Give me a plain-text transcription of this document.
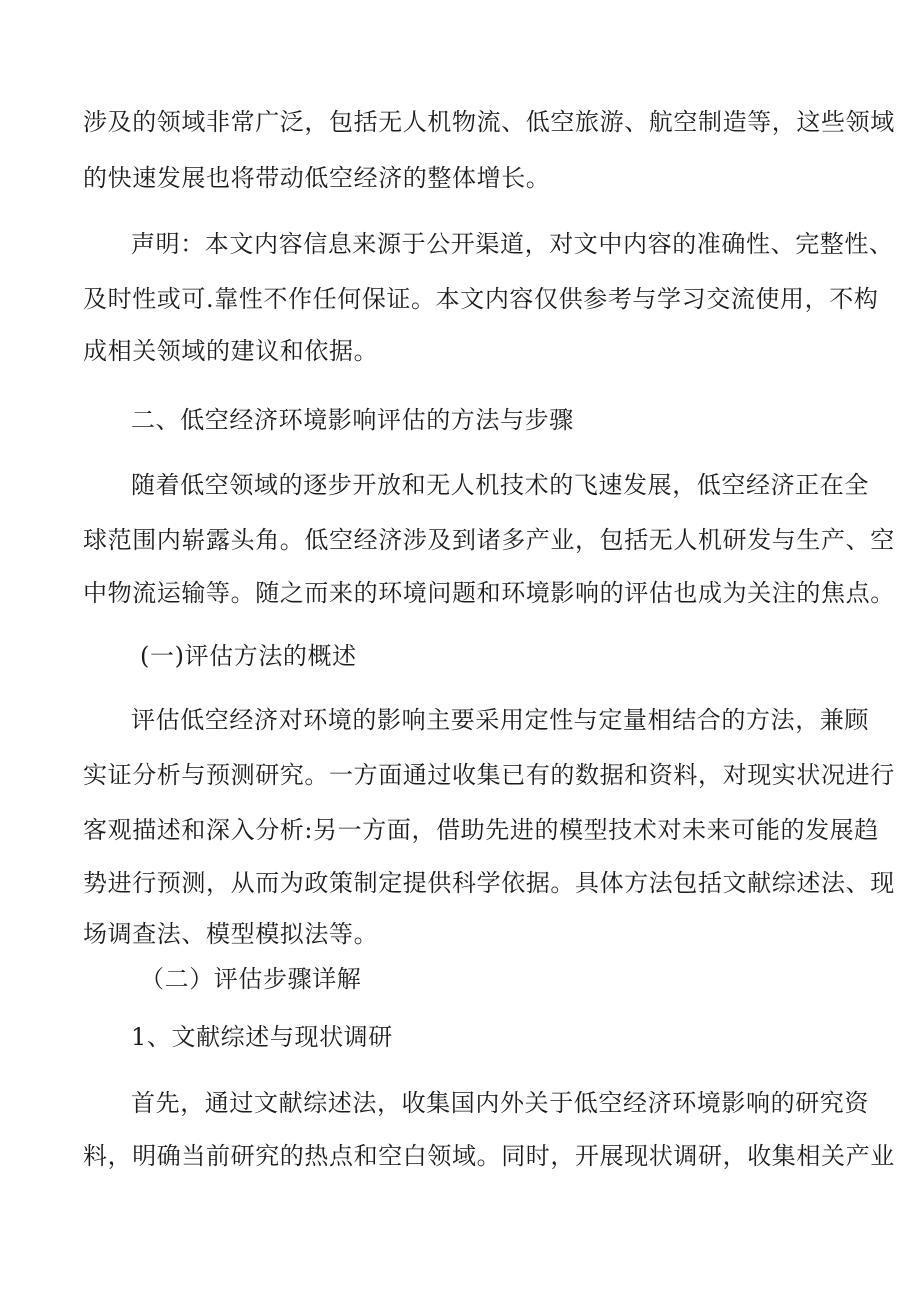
涉及的领域非常广泛，包括无人机物流、低空旅游、航空制造等，这些领域
的快速发展也将带动低空经济的整体增长。
声明：本文内容信息来源于公开渠道，对文中内容的准确性、完整性、
及时性或可.靠性不作任何保证。本文内容仅供参考与学习交流使用，不构
成相关领域的建议和依据。
二、低空经济环境影响评估的方法与步骤
随着低空领域的逐步开放和无人机技术的飞速发展，低空经济正在全
球范围内崭露头角。低空经济涉及到诸多产业，包括无人机研发与生产、空
中物流运输等。随之而来的环境问题和环境影响的评估也成为关注的焦点。
(一)评估方法的概述
评估低空经济对环境的影响主要采用定性与定量相结合的方法，兼顾
实证分析与预测研究。一方面通过收集已有的数据和资料，对现实状况进行
客观描述和深入分析:另一方面，借助先进的模型技术对未来可能的发展趋
势进行预测，从而为政策制定提供科学依据。具体方法包括文献综述法、现
场调查法、模型模拟法等。
（二）评估步骤详解
1、文献综述与现状调研
首先，通过文献综述法，收集国内外关于低空经济环境影响的研究资
料，明确当前研究的热点和空白领域。同时，开展现状调研，收集相关产业
